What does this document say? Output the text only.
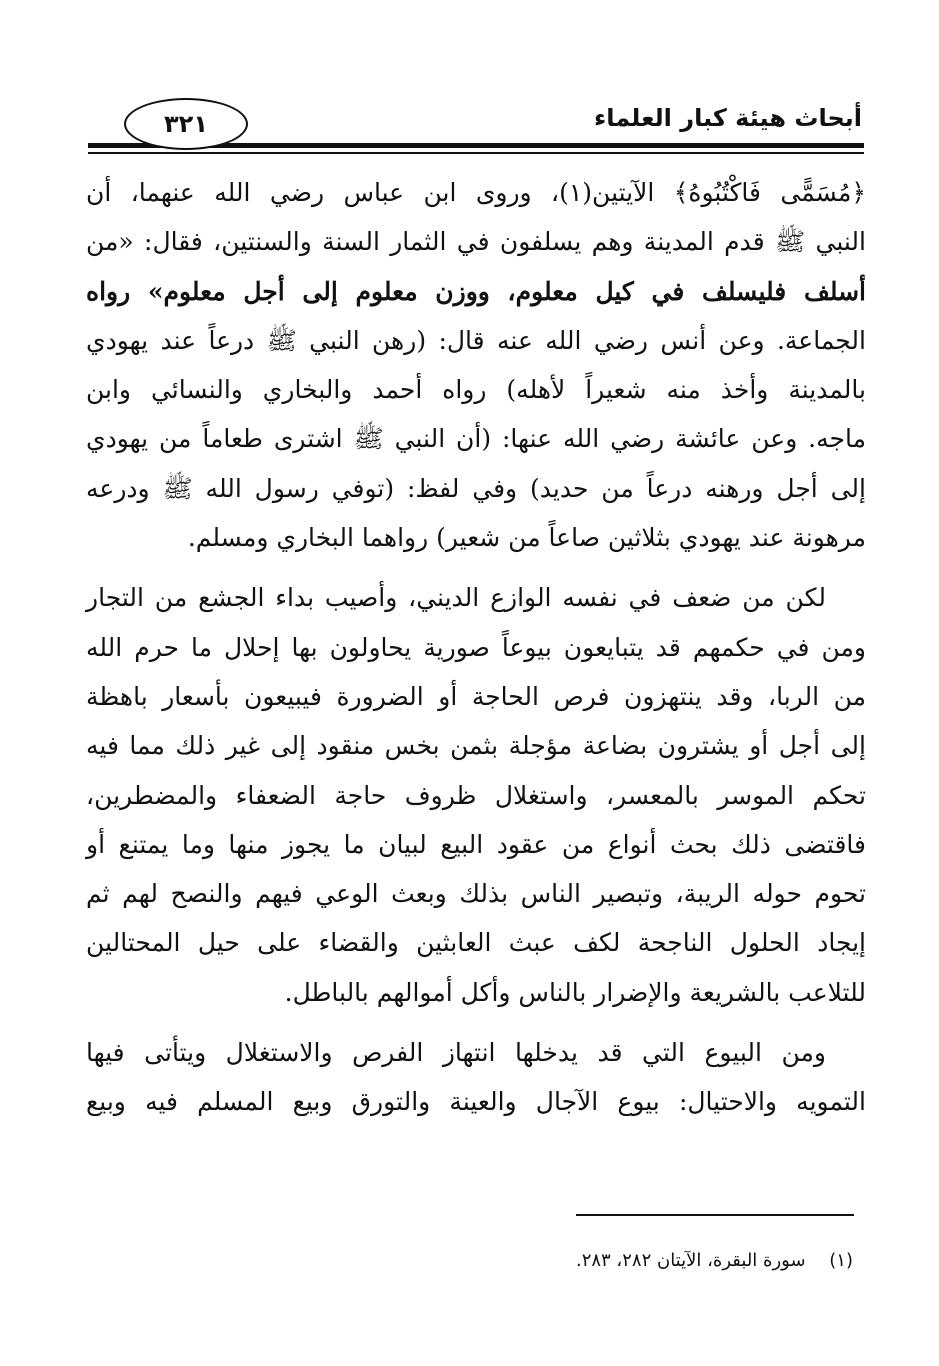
أبحاث هيئة كبار العلماء
٣٢١
﴿مُسَمًّى فَاكْتُبُوهُ﴾ الآيتين(١)، وروى ابن عباس رضي الله عنهما، أن
النبي ﷺ قدم المدينة وهم يسلفون في الثمار السنة والسنتين، فقال: «من
أسلف فليسلف في كيل معلوم، ووزن معلوم إلى أجل معلوم» رواه
الجماعة. وعن أنس رضي الله عنه قال: (رهن النبي ﷺ درعاً عند يهودي
بالمدينة وأخذ منه شعيراً لأهله) رواه أحمد والبخاري والنسائي وابن
ماجه. وعن عائشة رضي الله عنها: (أن النبي ﷺ اشترى طعاماً من يهودي
إلى أجل ورهنه درعاً من حديد) وفي لفظ: (توفي رسول الله ﷺ ودرعه
مرهونة عند يهودي بثلاثين صاعاً من شعير) رواهما البخاري ومسلم.
لكن من ضعف في نفسه الوازع الديني، وأصيب بداء الجشع من التجار
ومن في حكمهم قد يتبايعون بيوعاً صورية يحاولون بها إحلال ما حرم الله
من الربا، وقد ينتهزون فرص الحاجة أو الضرورة فيبيعون بأسعار باهظة
إلى أجل أو يشترون بضاعة مؤجلة بثمن بخس منقود إلى غير ذلك مما فيه
تحكم الموسر بالمعسر، واستغلال ظروف حاجة الضعفاء والمضطرين،
فاقتضى ذلك بحث أنواع من عقود البيع لبيان ما يجوز منها وما يمتنع أو
تحوم حوله الريبة، وتبصير الناس بذلك وبعث الوعي فيهم والنصح لهم ثم
إيجاد الحلول الناجحة لكف عبث العابثين والقضاء على حيل المحتالين
للتلاعب بالشريعة والإضرار بالناس وأكل أموالهم بالباطل.
ومن البيوع التي قد يدخلها انتهاز الفرص والاستغلال ويتأتى فيها
التمويه والاحتيال: بيوع الآجال والعينة والتورق وبيع المسلم فيه وبيع
(١) سورة البقرة، الآيتان ٢٨٢، ٢٨٣.
